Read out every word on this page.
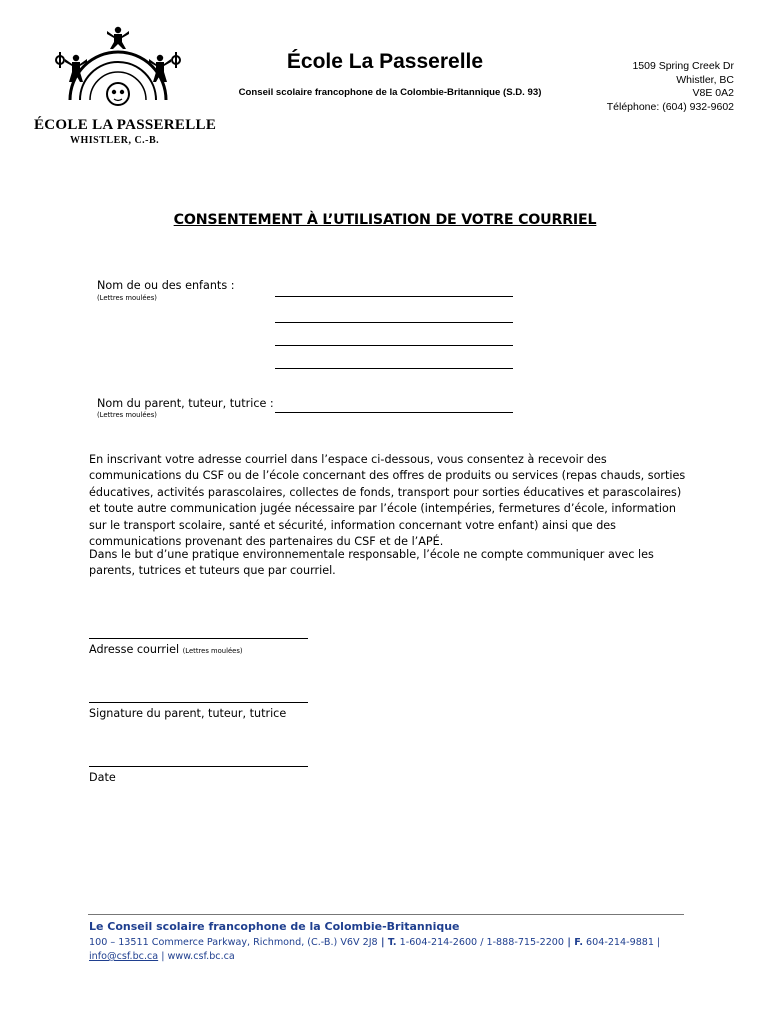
ÉCOLE LA PASSERELLE
WHISTLER, C.-B.
École La Passerelle
Conseil scolaire francophone de la Colombie-Britannique (S.D. 93)
1509 Spring Creek Dr
Whistler, BC
V8E 0A2
Téléphone: (604) 932-9602
CONSENTEMENT À L’UTILISATION DE VOTRE COURRIEL
Nom de ou des enfants :
(Lettres moulées)
Nom du parent, tuteur, tutrice :
(Lettres moulées)
En inscrivant votre adresse courriel dans l’espace ci-dessous, vous consentez à recevoir des communications du CSF ou de l’école concernant des offres de produits ou services (repas chauds, sorties éducatives, activités parascolaires, collectes de fonds, transport pour sorties éducatives et parascolaires) et toute autre communication jugée nécessaire par l’école (intempéries, fermetures d’école, information sur le transport scolaire, santé et sécurité, information concernant votre enfant) ainsi que des communications provenant des partenaires du CSF et de l’APÉ.
Dans le but d’une pratique environnementale responsable, l’école ne compte communiquer avec les parents, tutrices et tuteurs que par courriel.
Adresse courriel (Lettres moulées)
Signature du parent, tuteur, tutrice
Date
Le Conseil scolaire francophone de la Colombie-Britannique
100 – 13511 Commerce Parkway, Richmond, (C.-B.) V6V 2J8 | T. 1-604-214-2600 / 1-888-715-2200 | F. 604-214-9881 |
info@csf.bc.ca | www.csf.bc.ca
